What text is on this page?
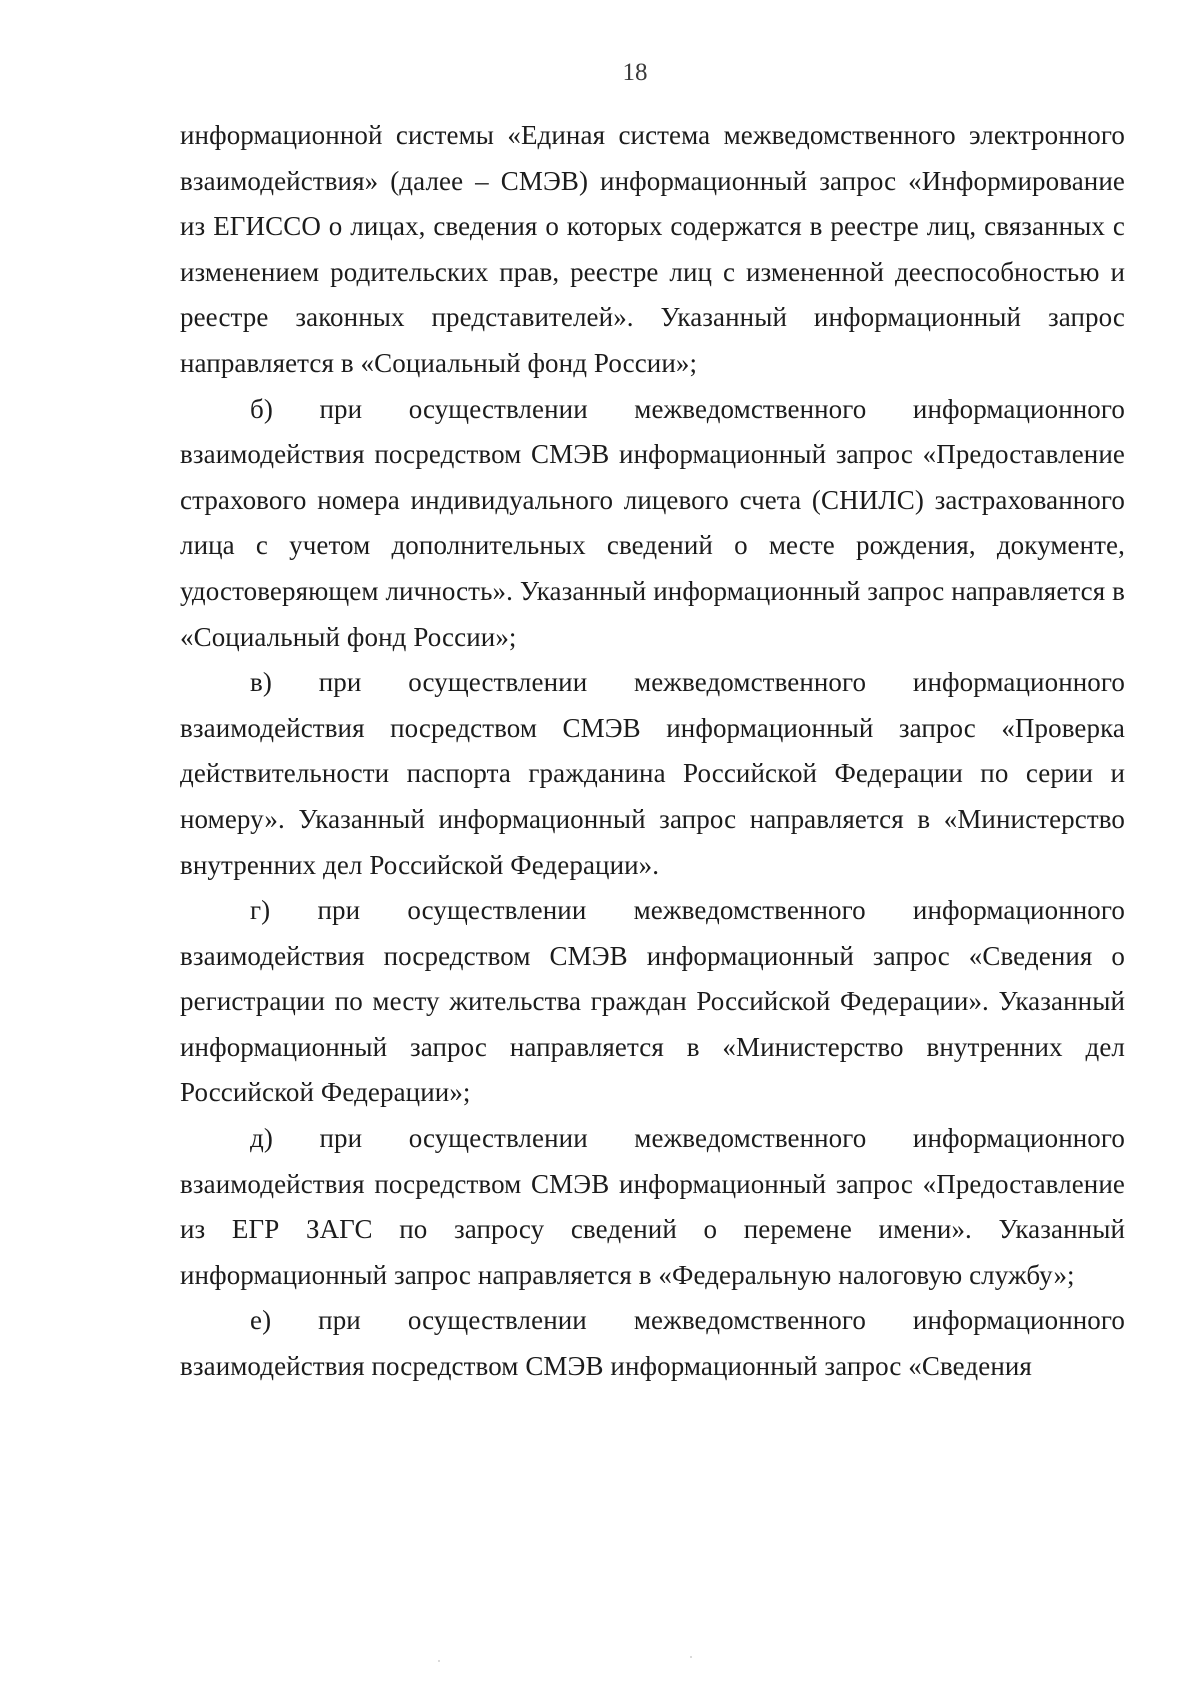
18

информационной системы «Единая система межведомственного электронного взаимодействия» (далее – СМЭВ) информационный запрос «Информирование из ЕГИССО о лицах, сведения о которых содержатся в реестре лиц, связанных с изменением родительских прав, реестре лиц с измененной дееспособностью и реестре законных представителей». Указанный информационный запрос направляется в «Социальный фонд России»;

б) при осуществлении межведомственного информационного взаимодействия посредством СМЭВ информационный запрос «Предоставление страхового номера индивидуального лицевого счета (СНИЛС) застрахованного лица с учетом дополнительных сведений о месте рождения, документе, удостоверяющем личность». Указанный информационный запрос направляется в «Социальный фонд России»;

в) при осуществлении межведомственного информационного взаимодействия посредством СМЭВ информационный запрос «Проверка действительности паспорта гражданина Российской Федерации по серии и номеру». Указанный информационный запрос направляется в «Министерство внутренних дел Российской Федерации».

г) при осуществлении межведомственного информационного взаимодействия посредством СМЭВ информационный запрос «Сведения о регистрации по месту жительства граждан Российской Федерации». Указанный информационный запрос направляется в «Министерство внутренних дел Российской Федерации»;

д) при осуществлении межведомственного информационного взаимодействия посредством СМЭВ информационный запрос «Предоставление из ЕГР ЗАГС по запросу сведений о перемене имени». Указанный информационный запрос направляется в «Федеральную налоговую службу»;

е) при осуществлении межведомственного информационного взаимодействия посредством СМЭВ информационный запрос «Сведения
